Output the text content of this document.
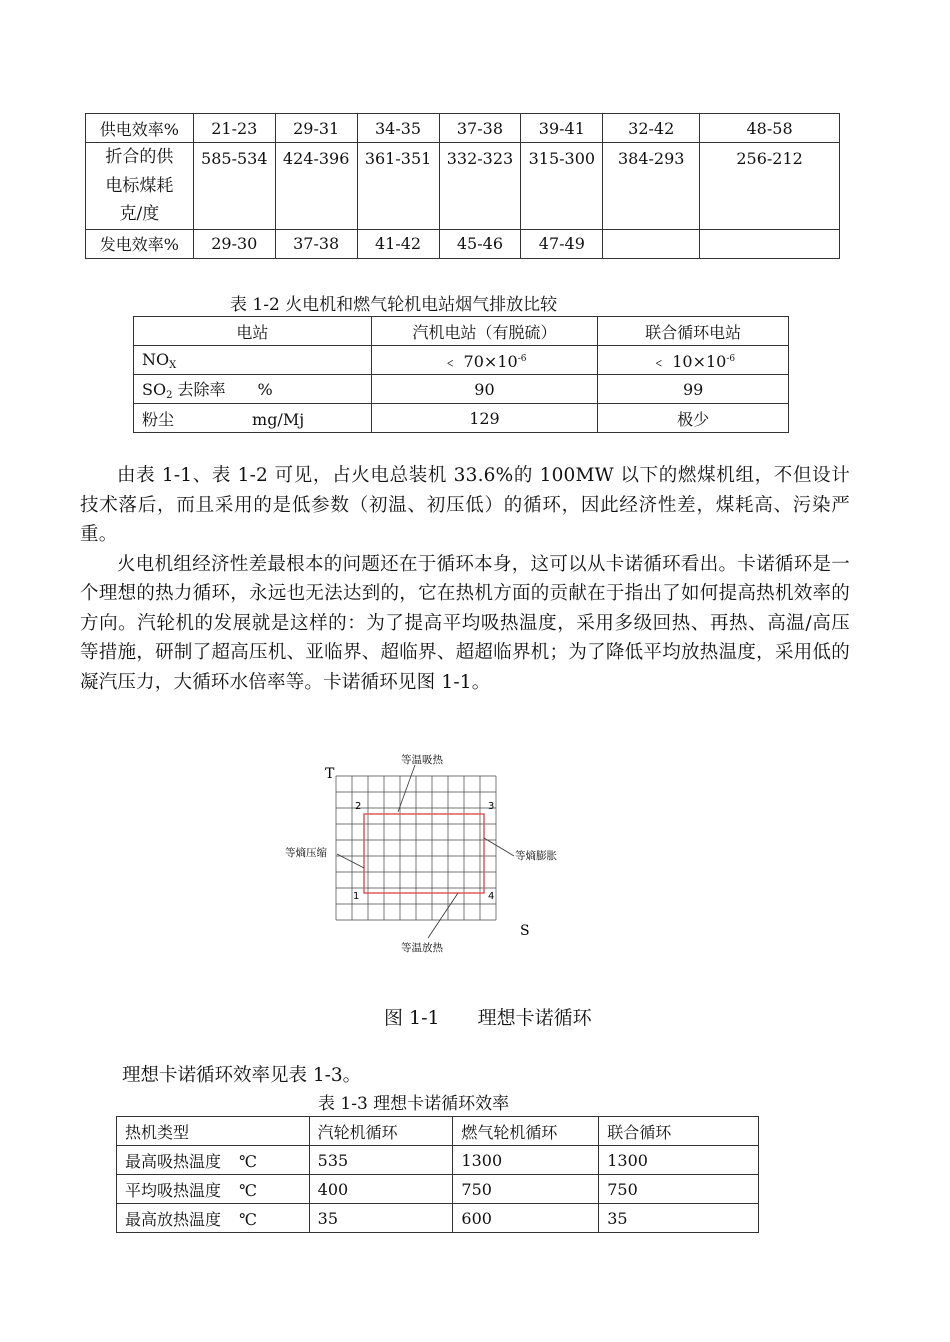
供电效率%	21-23	29-31	34-35	37-38	39-41	32-42	48-58

折合的供
电标煤耗
克/度	585-534	424-396	361-351	332-323	315-300	384-293	256-212
发电效率%	29-30	37-38	41-42	45-46	47-49		
表 1-2 火电机和燃气轮机电站烟气排放比较
电站	汽机电站（有脱硫）	联合循环电站
$NO_X$	﹤ $70\times 10^{-6}$	﹤ $10\times 10^{-6}$
$SO_2$ 去除率 %	90	99
粉尘 mg/Mj	129	极少

由表 1-1、表 1-2 可见，占火电总装机 33.6%的 100MW 以下的燃煤机组，不但设计技术落后，而且采用的是低参数（初温、初压低）的循环，因此经济性差，煤耗高、污染严重。

火电机组经济性差最根本的问题还在于循环本身，这可以从卡诺循环看出。卡诺循环是一个理想的热力循环，永远也无法达到的，它在热机方面的贡献在于指出了如何提高热机效率的方向。汽轮机的发展就是这样的：为了提高平均吸热温度，采用多级回热、再热、高温/高压等措施，研制了超高压机、亚临界、超临界、超超临界机；为了降低平均放热温度，采用低的凝汽压力，大循环水倍率等。卡诺循环见图 1-1。

等温吸热
等熵压缩	等熵膨胀
等温放热
T
S
1
2	3
4
图 1-1　　理想卡诺循环
理想卡诺循环效率见表 1-3。
表 1-3 理想卡诺循环效率
热机类型	汽轮机循环	燃气轮机循环	联合循环
最高吸热温度 ℃	535	1300	1300
平均吸热温度 ℃	400	750	750
最高放热温度 ℃	35	600	35
